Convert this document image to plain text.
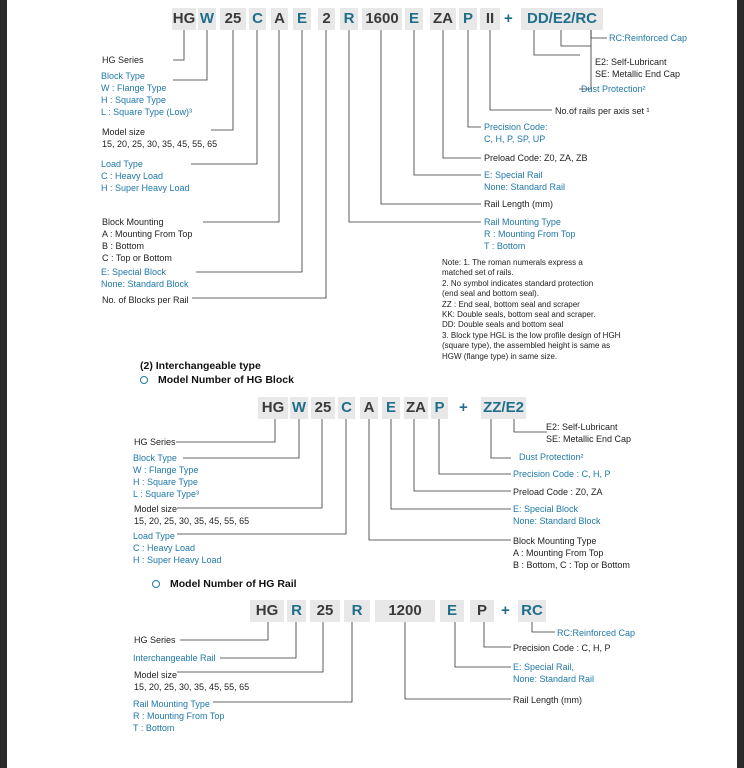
HG W 25 C A E 2 R 1600 E ZA P II + DD/E2/RC
HG Series
Block Type
W : Flange Type
H : Square Type
L : Square Type (Low)³
Model size
15, 20, 25, 30, 35, 45, 55, 65
Load Type
C : Heavy Load
H : Super Heavy Load
Block Mounting
A : Mounting From Top
B : Bottom
C : Top or Bottom
E: Special Block
None: Standard Block
No. of Blocks per Rail
RC:Reinforced Cap
E2: Self-Lubricant
SE: Metallic End Cap
Dust Protection²
No.of rails per axis set ¹
Precision Code:
C, H, P, SP, UP
Preload Code: Z0, ZA, ZB
E: Special Rail
None: Standard Rail
Rail Length (mm)
Rail Mounting Type
R : Mounting From Top
T : Bottom
Note: 1. The roman numerals express a
matched set of rails.
2. No symbol indicates standard protection
(end seal and bottom seal).
ZZ : End seal, bottom seal and scraper
KK: Double seals, bottom seal and scraper.
DD: Double seals and bottom seal
3. Block type HGL is the low profile design of HGH
(square type), the assembled height is same as
HGW (flange type) in same size.
(2) Interchangeable type
Model Number of HG Block
HG W 25 C A E ZA P + ZZ/E2
HG Series
Block Type
W : Flange Type
H : Square Type
L : Square Type³
Model size
15, 20, 25, 30, 35, 45, 55, 65
Load Type
C : Heavy Load
H : Super Heavy Load
E2: Self-Lubricant
SE: Metallic End Cap
Dust Protection²
Precision Code : C, H, P
Preload Code : Z0, ZA
E: Special Block
None: Standard Block
Block Mounting Type
A : Mounting From Top
B : Bottom, C : Top or Bottom
Model Number of HG Rail
HG R 25	R	1200	E	P + RC
HG Series
Interchangeable Rail
Model size
15, 20, 25, 30, 35, 45, 55, 65
Rail Mounting Type
R : Mounting From Top
T : Bottom
RC:Reinforced Cap
Precision Code : C, H, P
E: Special Rail,
None: Standard Rail
Rail Length (mm)
